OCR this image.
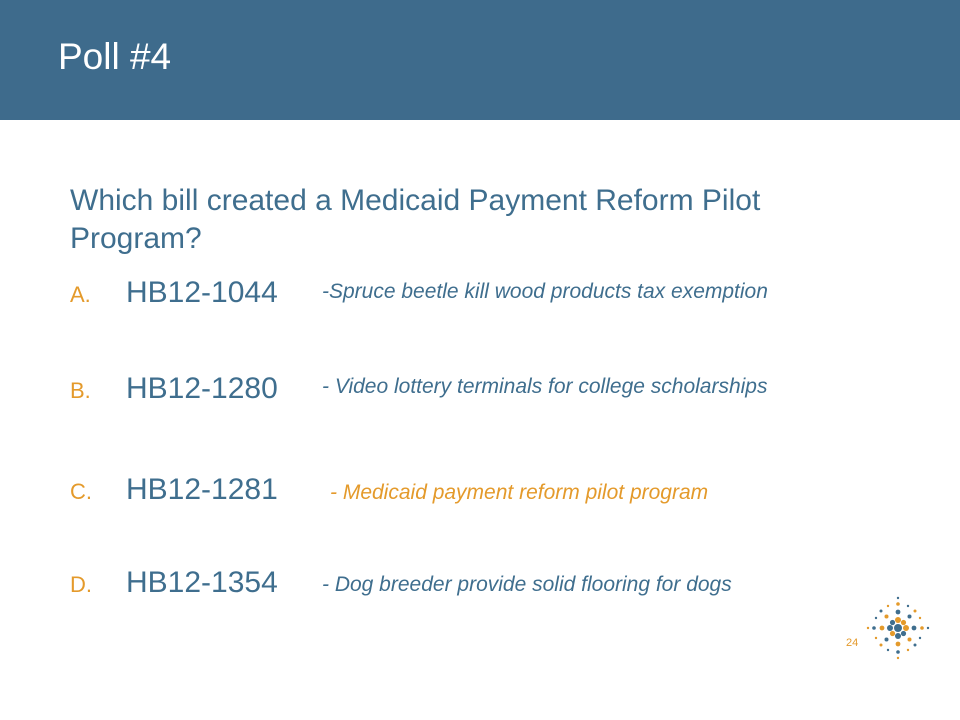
Poll #4
Which bill created a Medicaid Payment Reform Pilot Program?
A. HB12-1044 -Spruce beetle kill wood products tax exemption
B. HB12-1280 - Video lottery terminals for college scholarships
C. HB12-1281 - Medicaid payment reform pilot program
D. HB12-1354 - Dog breeder provide solid flooring for dogs
24
